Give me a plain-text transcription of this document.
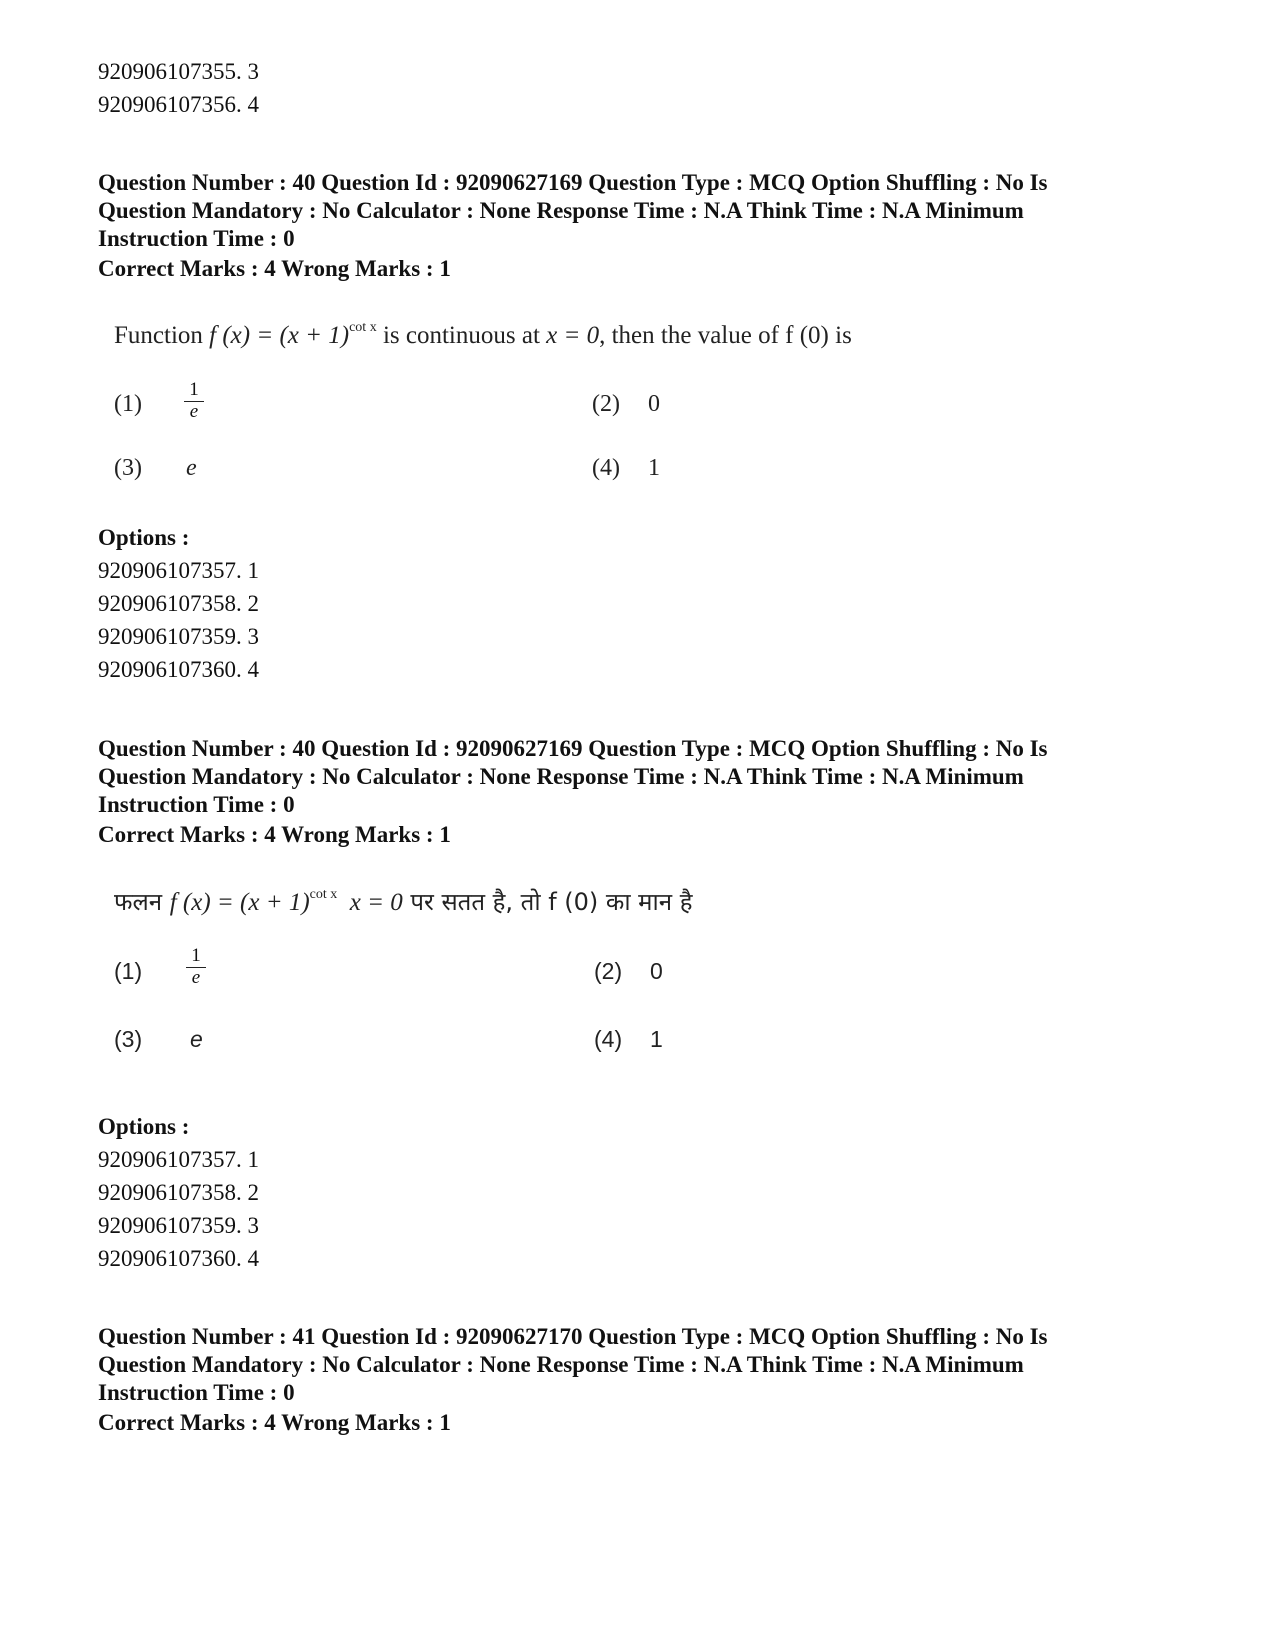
920906107355. 3
920906107356. 4
Question Number : 40 Question Id : 92090627169 Question Type : MCQ Option Shuffling : No Is
Question Mandatory : No Calculator : None Response Time : N.A Think Time : N.A Minimum
Instruction Time : 0
Correct Marks : 4 Wrong Marks : 1
Function f $(x) = (x + 1)^{cot x}$ is continuous at x = 0, then the value of f (0) is
$(1) \frac{1}{e}$	(2) 0
(3) e	(4) 1
Options :
920906107357. 1
920906107358. 2
920906107359. 3
920906107360. 4
Question Number : 40 Question Id : 92090627169 Question Type : MCQ Option Shuffling : No Is
Question Mandatory : No Calculator : None Response Time : N.A Think Time : N.A Minimum
Instruction Time : 0
Correct Marks : 4 Wrong Marks : 1
फलन f $(x) = (x + 1)^{cot x}$ x = 0 पर सतत है, तो f (0) का मान है
$(1) \frac{1}{e}$	(2) 0
(3) e	(4) 1
Options :
920906107357. 1
920906107358. 2
920906107359. 3
920906107360. 4
Question Number : 41 Question Id : 92090627170 Question Type : MCQ Option Shuffling : No Is
Question Mandatory : No Calculator : None Response Time : N.A Think Time : N.A Minimum
Instruction Time : 0
Correct Marks : 4 Wrong Marks : 1
